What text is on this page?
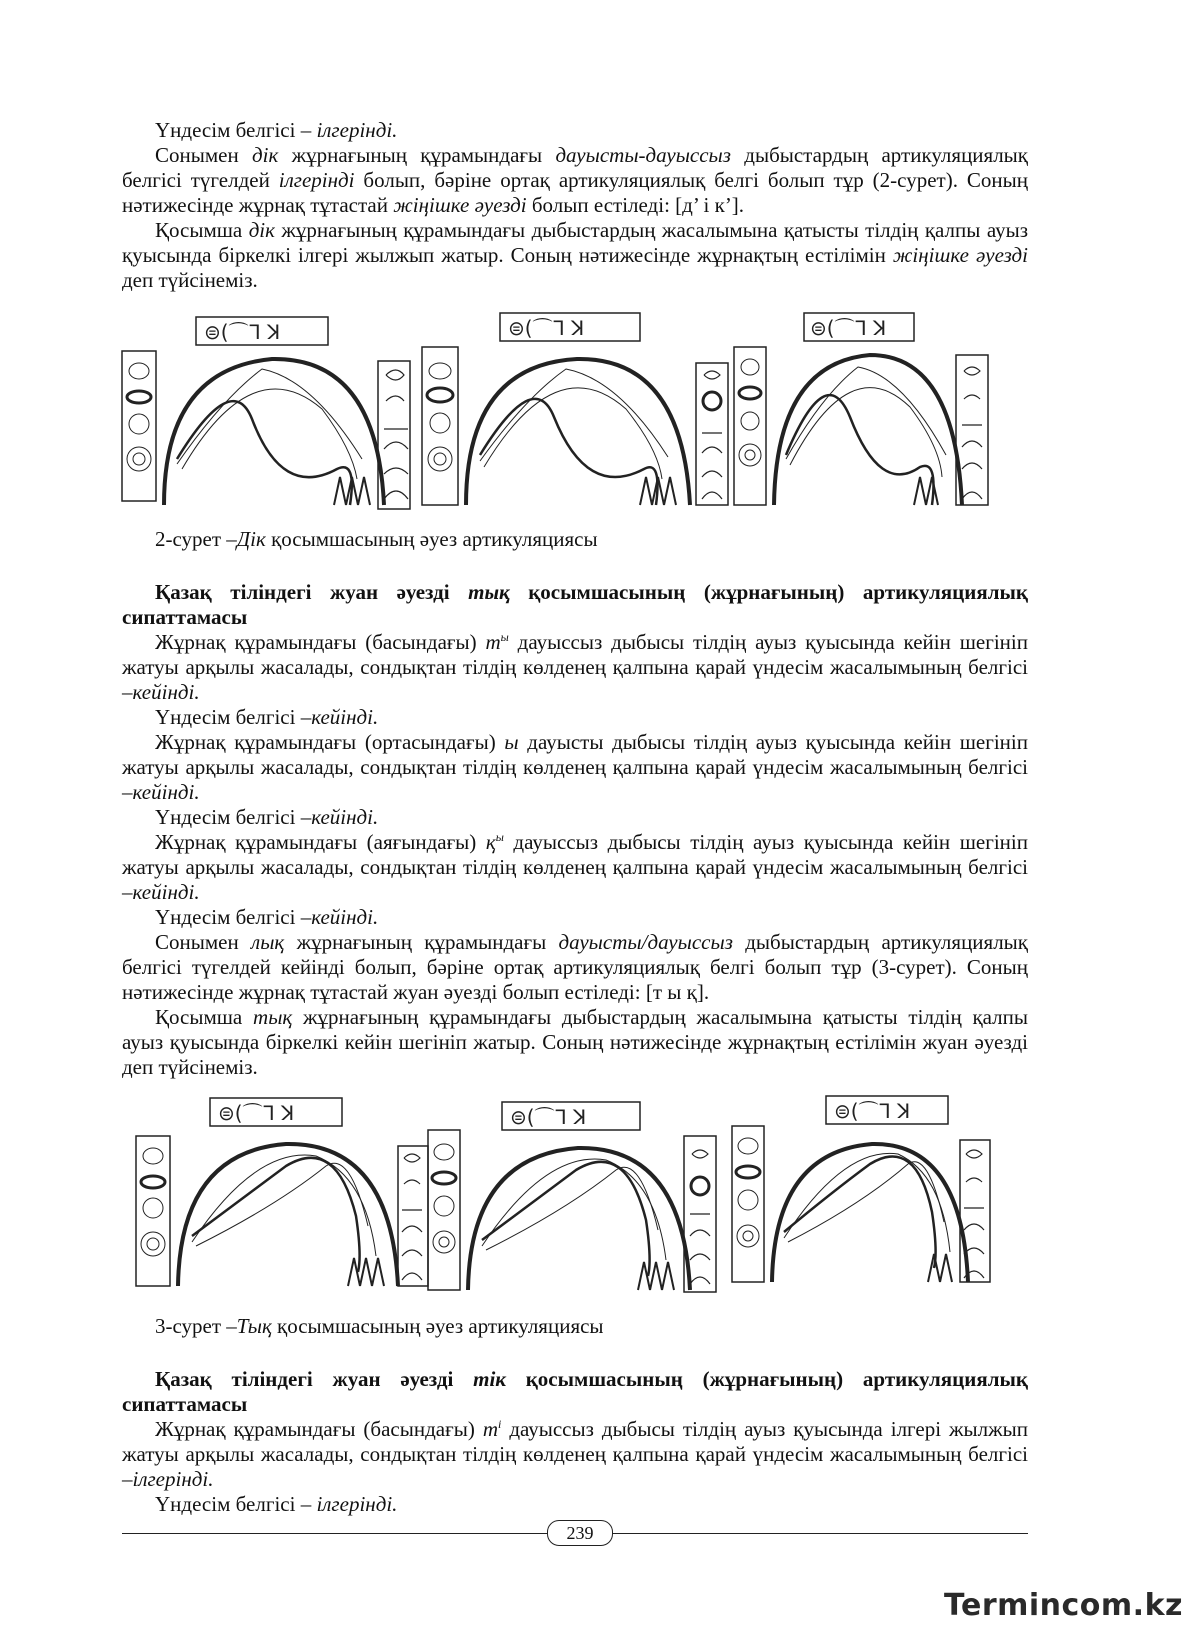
Үндесім белгісі – ілгерінді.

Сонымен дік жұрнағының құрамындағы дауысты-дауыссыз дыбыстардың артикуляциялық белгісі түгелдей ілгерінді болып, бәріне ортақ артикуляциялық белгі болып тұр (2-сурет). Соның нәтижесінде жұрнақ тұтастай жіңішке әуезді болып естіледі: [д’ і к’].

Қосымша дік жұрнағының құрамындағы дыбыстардың жасалымына қатысты тілдің қалпы ауыз қуысында біркелкі ілгері жылжып жатыр. Соның нәтижесінде жұрнақтың естілімін жіңішке әуезді деп түйсінеміз.

⊜(⌒ᒣ ꓘ	⊜(⌒ᒣ ꓘ	⊜(⌒ᒣ ꓘ

2-сурет –Дік қосымшасының әуез артикуляциясы

Қазақ тіліндегі жуан әуезді тық қосымшасының (жұрнағының) артикуляциялық сипаттамасы

Жұрнақ құрамындағы (басындағы) $т^ы$ дауыссыз дыбысы тілдің ауыз қуысында кейін шегініп жатуы арқылы жасалады, сондықтан тілдің көлденең қалпына қарай үндесім жасалымының белгісі –кейінді.

Үндесім белгісі –кейінді.

Жұрнақ құрамындағы (ортасындағы) ы дауысты дыбысы тілдің ауыз қуысында кейін шегініп жатуы арқылы жасалады, сондықтан тілдің көлденең қалпына қарай үндесім жасалымының белгісі –кейінді.

Үндесім белгісі –кейінді.

Жұрнақ құрамындағы (аяғындағы) $қ^ы$ дауыссыз дыбысы тілдің ауыз қуысында кейін шегініп жатуы арқылы жасалады, сондықтан тілдің көлденең қалпына қарай үндесім жасалымының белгісі –кейінді.

Үндесім белгісі –кейінді.

Сонымен лық жұрнағының құрамындағы дауысты/дауыссыз дыбыстардың артикуляциялық белгісі түгелдей кейінді болып, бәріне ортақ артикуляциялық белгі болып тұр (3-сурет). Соның нәтижесінде жұрнақ тұтастай жуан әуезді болып естіледі: [т ы қ].

Қосымша тық жұрнағының құрамындағы дыбыстардың жасалымына қатысты тілдің қалпы ауыз қуысында біркелкі кейін шегініп жатыр. Соның нәтижесінде жұрнақтың естілімін жуан әуезді деп түйсінеміз.

⊜(⌒ᒣ ꓘ	⊜(⌒ᒣ ꓘ	⊜(⌒ᒣ ꓘ

3-сурет –Тық қосымшасының әуез артикуляциясы

Қазақ тіліндегі жуан әуезді тік қосымшасының (жұрнағының) артикуляциялық сипаттамасы

Жұрнақ құрамындағы (басындағы) $т^і$ дауыссыз дыбысы тілдің ауыз қуысында ілгері жылжып жатуы арқылы жасалады, сондықтан тілдің көлденең қалпына қарай үндесім жасалымының белгісі –ілгерінді.

Үндесім белгісі – ілгерінді.

239
Termincom.kz
